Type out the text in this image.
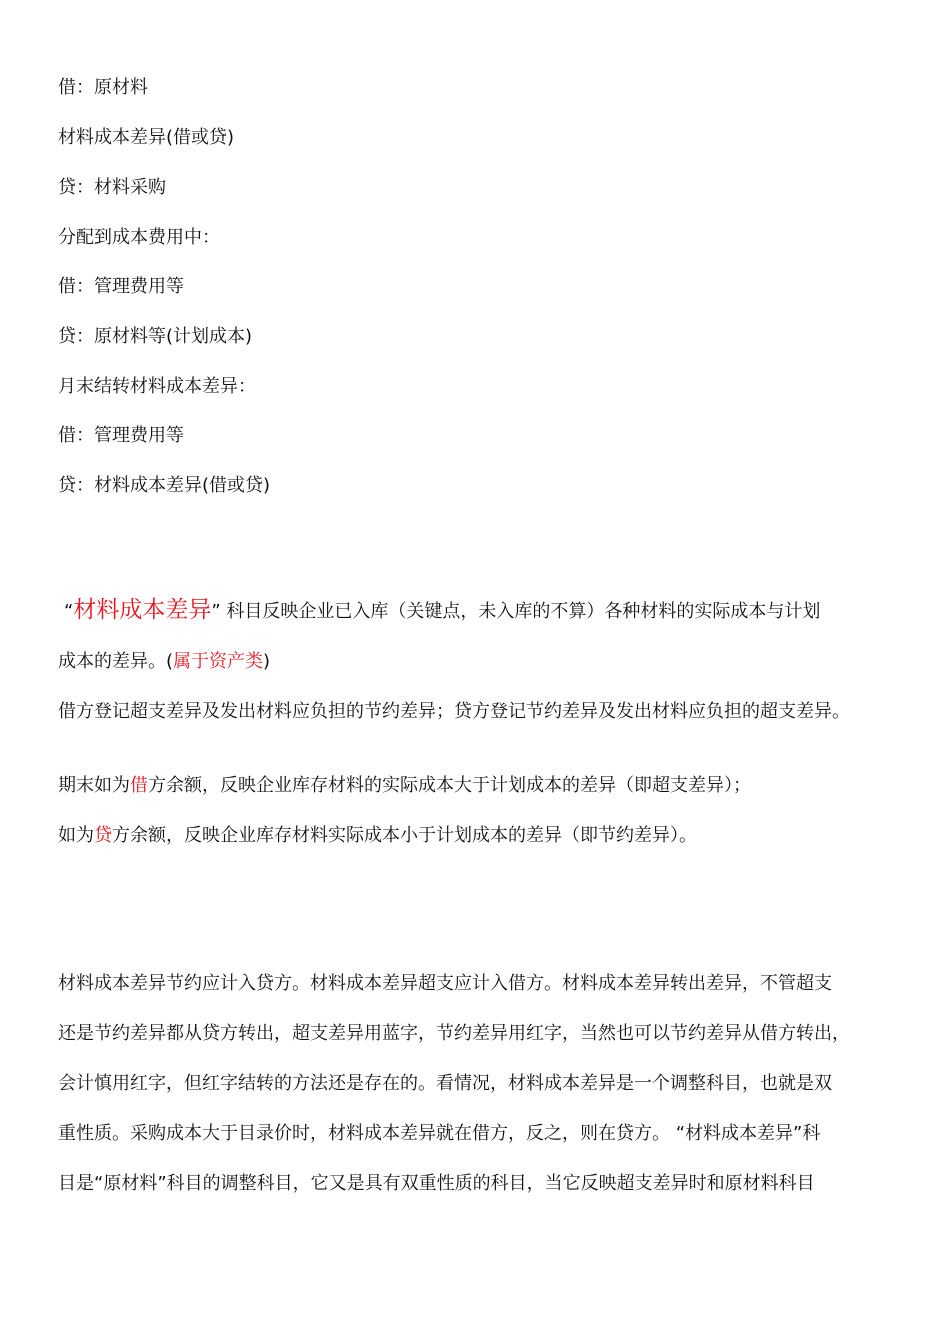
借：原材料
材料成本差异(借或贷)
贷：材料采购
分配到成本费用中：
借：管理费用等
贷：原材料等(计划成本)
月末结转材料成本差异：
借：管理费用等
贷：材料成本差异(借或贷)
“材料成本差异” 科目反映企业已入库（关键点，未入库的不算）各种材料的实际成本与计划
成本的差异。(属于资产类)
借方登记超支差异及发出材料应负担的节约差异；贷方登记节约差异及发出材料应负担的超支差异。
期末如为借方余额，反映企业库存材料的实际成本大于计划成本的差异（即超支差异）；
如为贷方余额，反映企业库存材料实际成本小于计划成本的差异（即节约差异）。
材料成本差异节约应计入贷方。材料成本差异超支应计入借方。材料成本差异转出差异，不管超支
还是节约差异都从贷方转出，超支差异用蓝字，节约差异用红字，当然也可以节约差异从借方转出，
会计慎用红字，但红字结转的方法还是存在的。看情况，材料成本差异是一个调整科目，也就是双
重性质。采购成本大于目录价时，材料成本差异就在借方，反之，则在贷方。 “材料成本差异”科
目是“原材料”科目的调整科目，它又是具有双重性质的科目，当它反映超支差异时和原材料科目
